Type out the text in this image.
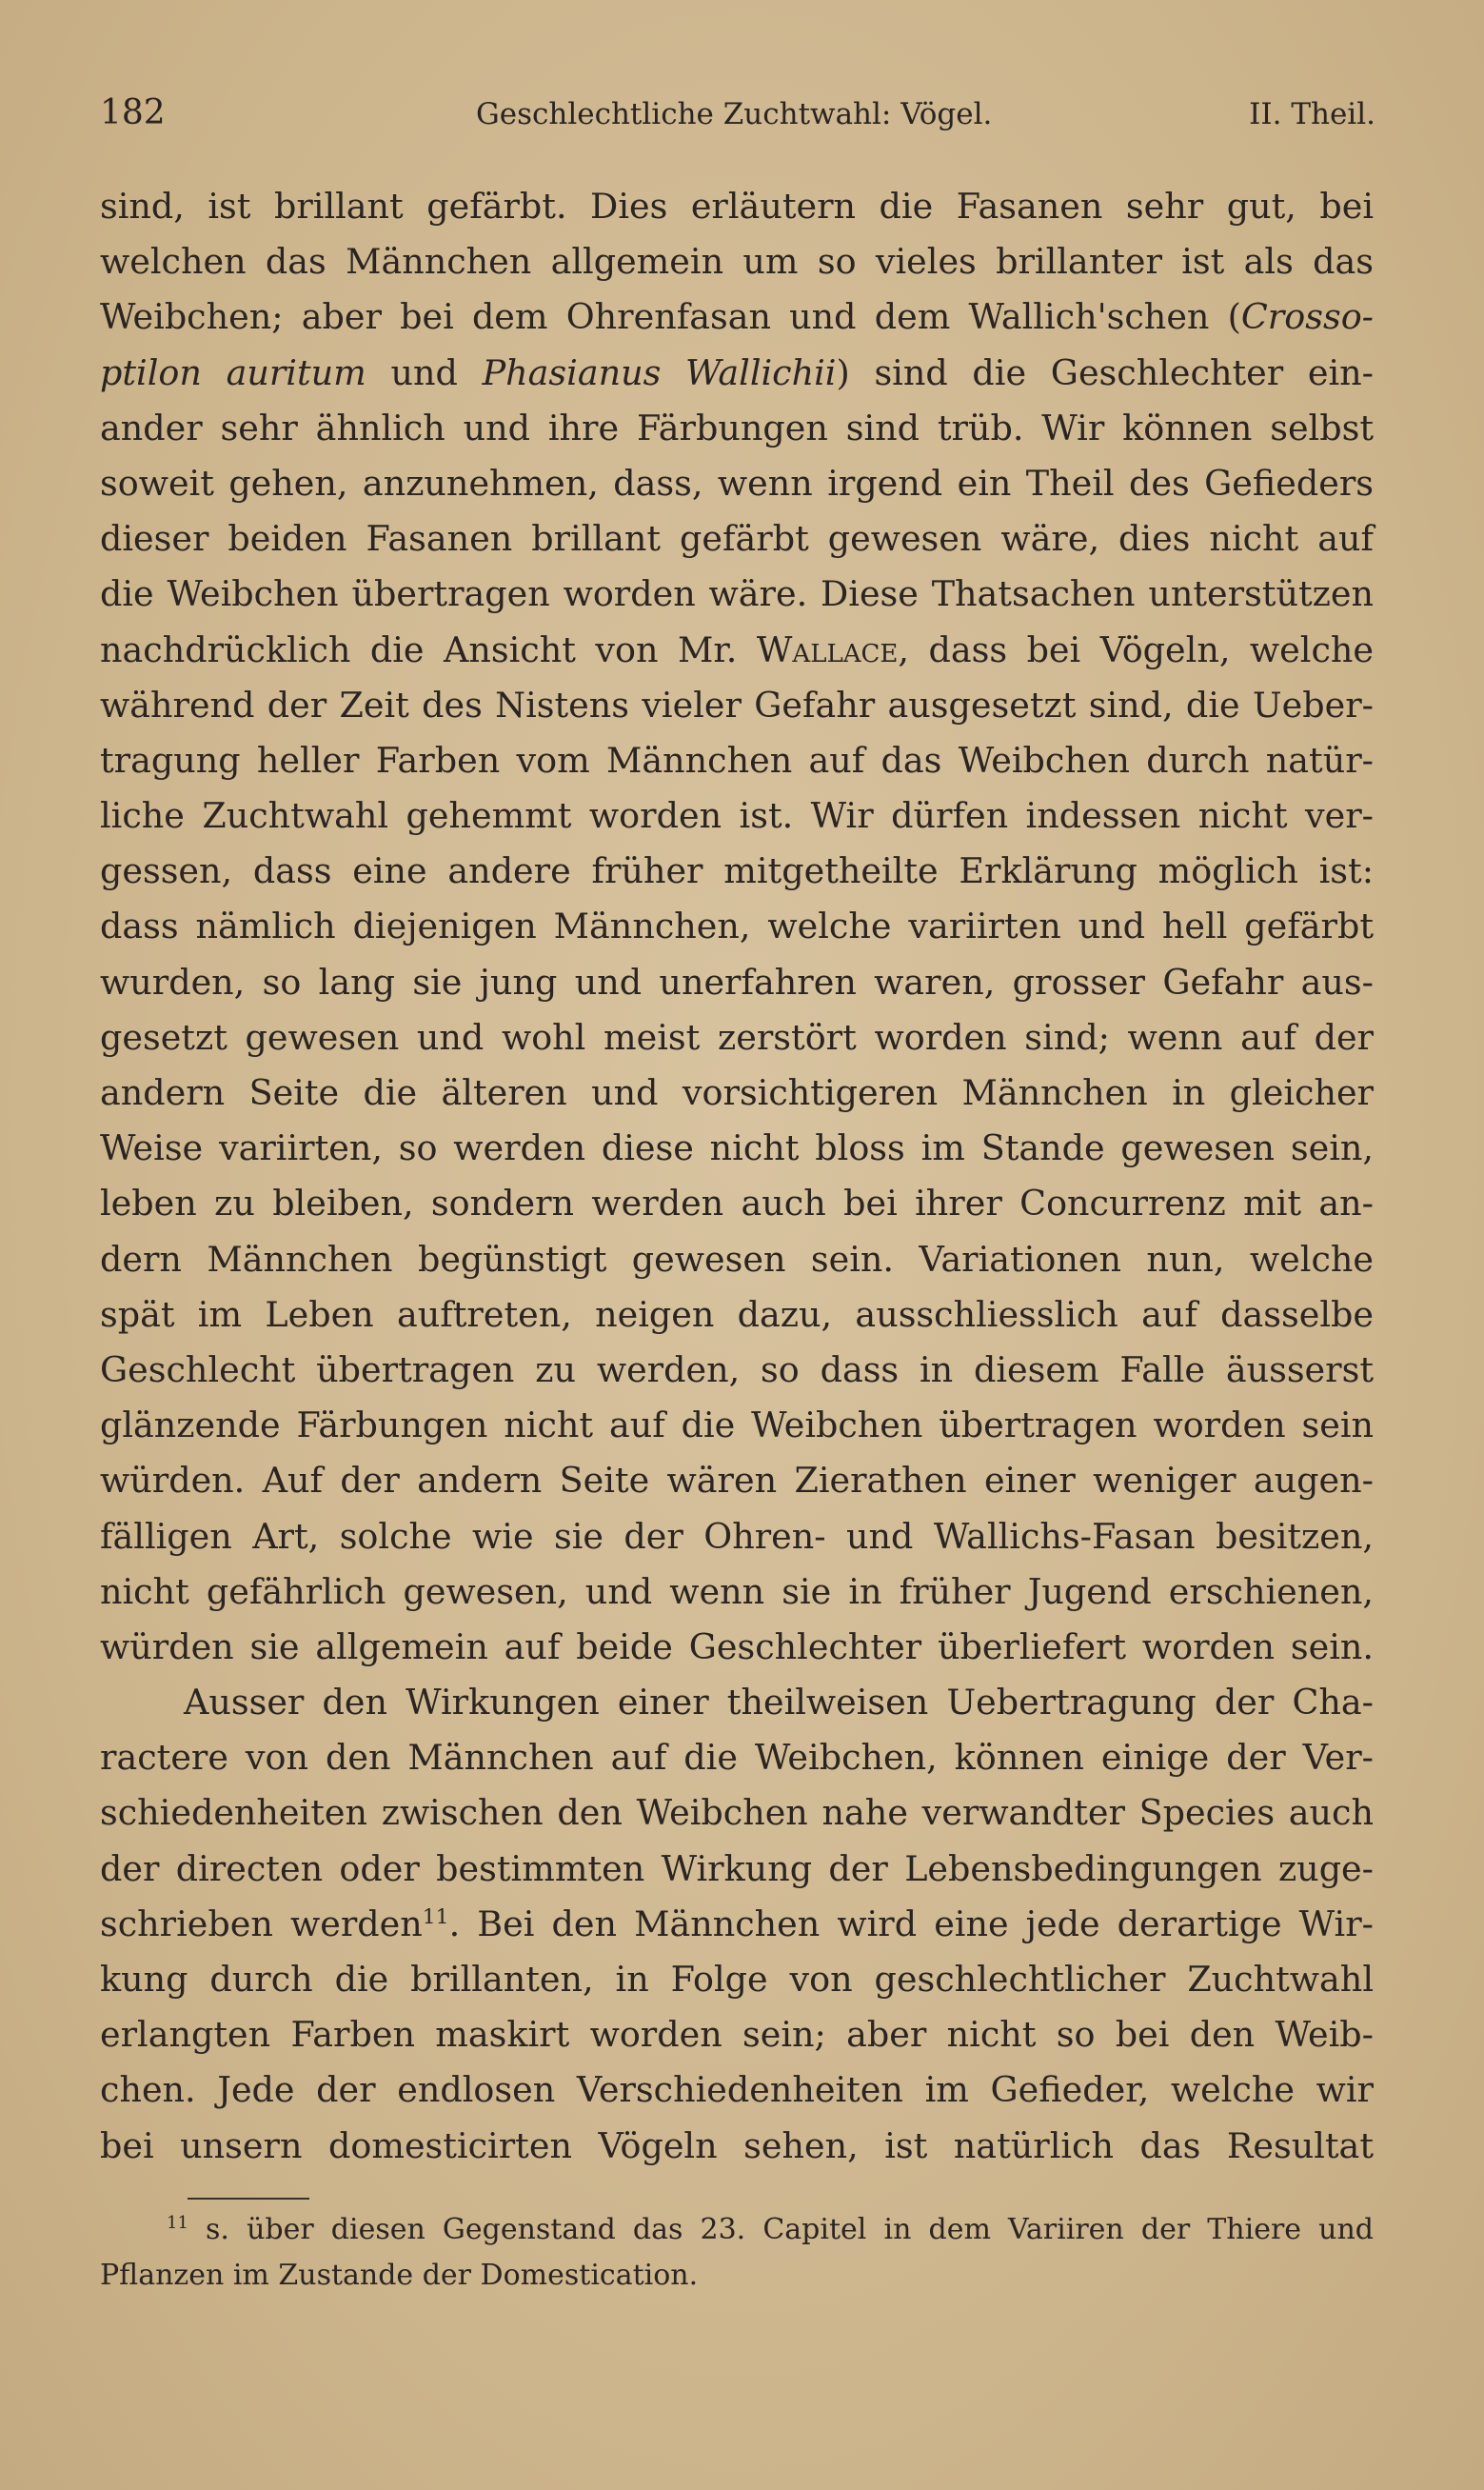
182	Geschlechtliche Zuchtwahl: Vögel.	II. Theil.
sind, ist brillant gefärbt. Dies erläutern die Fasanen sehr gut, bei
welchen das Männchen allgemein um so vieles brillanter ist als das
Weibchen; aber bei dem Ohrenfasan und dem Wallich'schen (Crosso-
ptilon auritum und Phasianus Wallichii) sind die Geschlechter ein-
ander sehr ähnlich und ihre Färbungen sind trüb. Wir können selbst
soweit gehen, anzunehmen, dass, wenn irgend ein Theil des Gefieders
dieser beiden Fasanen brillant gefärbt gewesen wäre, dies nicht auf
die Weibchen übertragen worden wäre. Diese Thatsachen unterstützen
nachdrücklich die Ansicht von Mr. Wallace, dass bei Vögeln, welche
während der Zeit des Nistens vieler Gefahr ausgesetzt sind, die Ueber-
tragung heller Farben vom Männchen auf das Weibchen durch natür-
liche Zuchtwahl gehemmt worden ist. Wir dürfen indessen nicht ver-
gessen, dass eine andere früher mitgetheilte Erklärung möglich ist:
dass nämlich diejenigen Männchen, welche variirten und hell gefärbt
wurden, so lang sie jung und unerfahren waren, grosser Gefahr aus-
gesetzt gewesen und wohl meist zerstört worden sind; wenn auf der
andern Seite die älteren und vorsichtigeren Männchen in gleicher
Weise variirten, so werden diese nicht bloss im Stande gewesen sein,
leben zu bleiben, sondern werden auch bei ihrer Concurrenz mit an-
dern Männchen begünstigt gewesen sein. Variationen nun, welche
spät im Leben auftreten, neigen dazu, ausschliesslich auf dasselbe
Geschlecht übertragen zu werden, so dass in diesem Falle äusserst
glänzende Färbungen nicht auf die Weibchen übertragen worden sein
würden. Auf der andern Seite wären Zierathen einer weniger augen-
fälligen Art, solche wie sie der Ohren- und Wallichs-Fasan besitzen,
nicht gefährlich gewesen, und wenn sie in früher Jugend erschienen,
würden sie allgemein auf beide Geschlechter überliefert worden sein.
Ausser den Wirkungen einer theilweisen Uebertragung der Cha-
ractere von den Männchen auf die Weibchen, können einige der Ver-
schiedenheiten zwischen den Weibchen nahe verwandter Species auch
der directen oder bestimmten Wirkung der Lebensbedingungen zuge-
schrieben werden$^{11}$. Bei den Männchen wird eine jede derartige Wir-
kung durch die brillanten, in Folge von geschlechtlicher Zuchtwahl
erlangten Farben maskirt worden sein; aber nicht so bei den Weib-
chen. Jede der endlosen Verschiedenheiten im Gefieder, welche wir
bei unsern domesticirten Vögeln sehen, ist natürlich das Resultat
$^{11}$ s. über diesen Gegenstand das 23. Capitel in dem Variiren der Thiere und
Pflanzen im Zustande der Domestication.
